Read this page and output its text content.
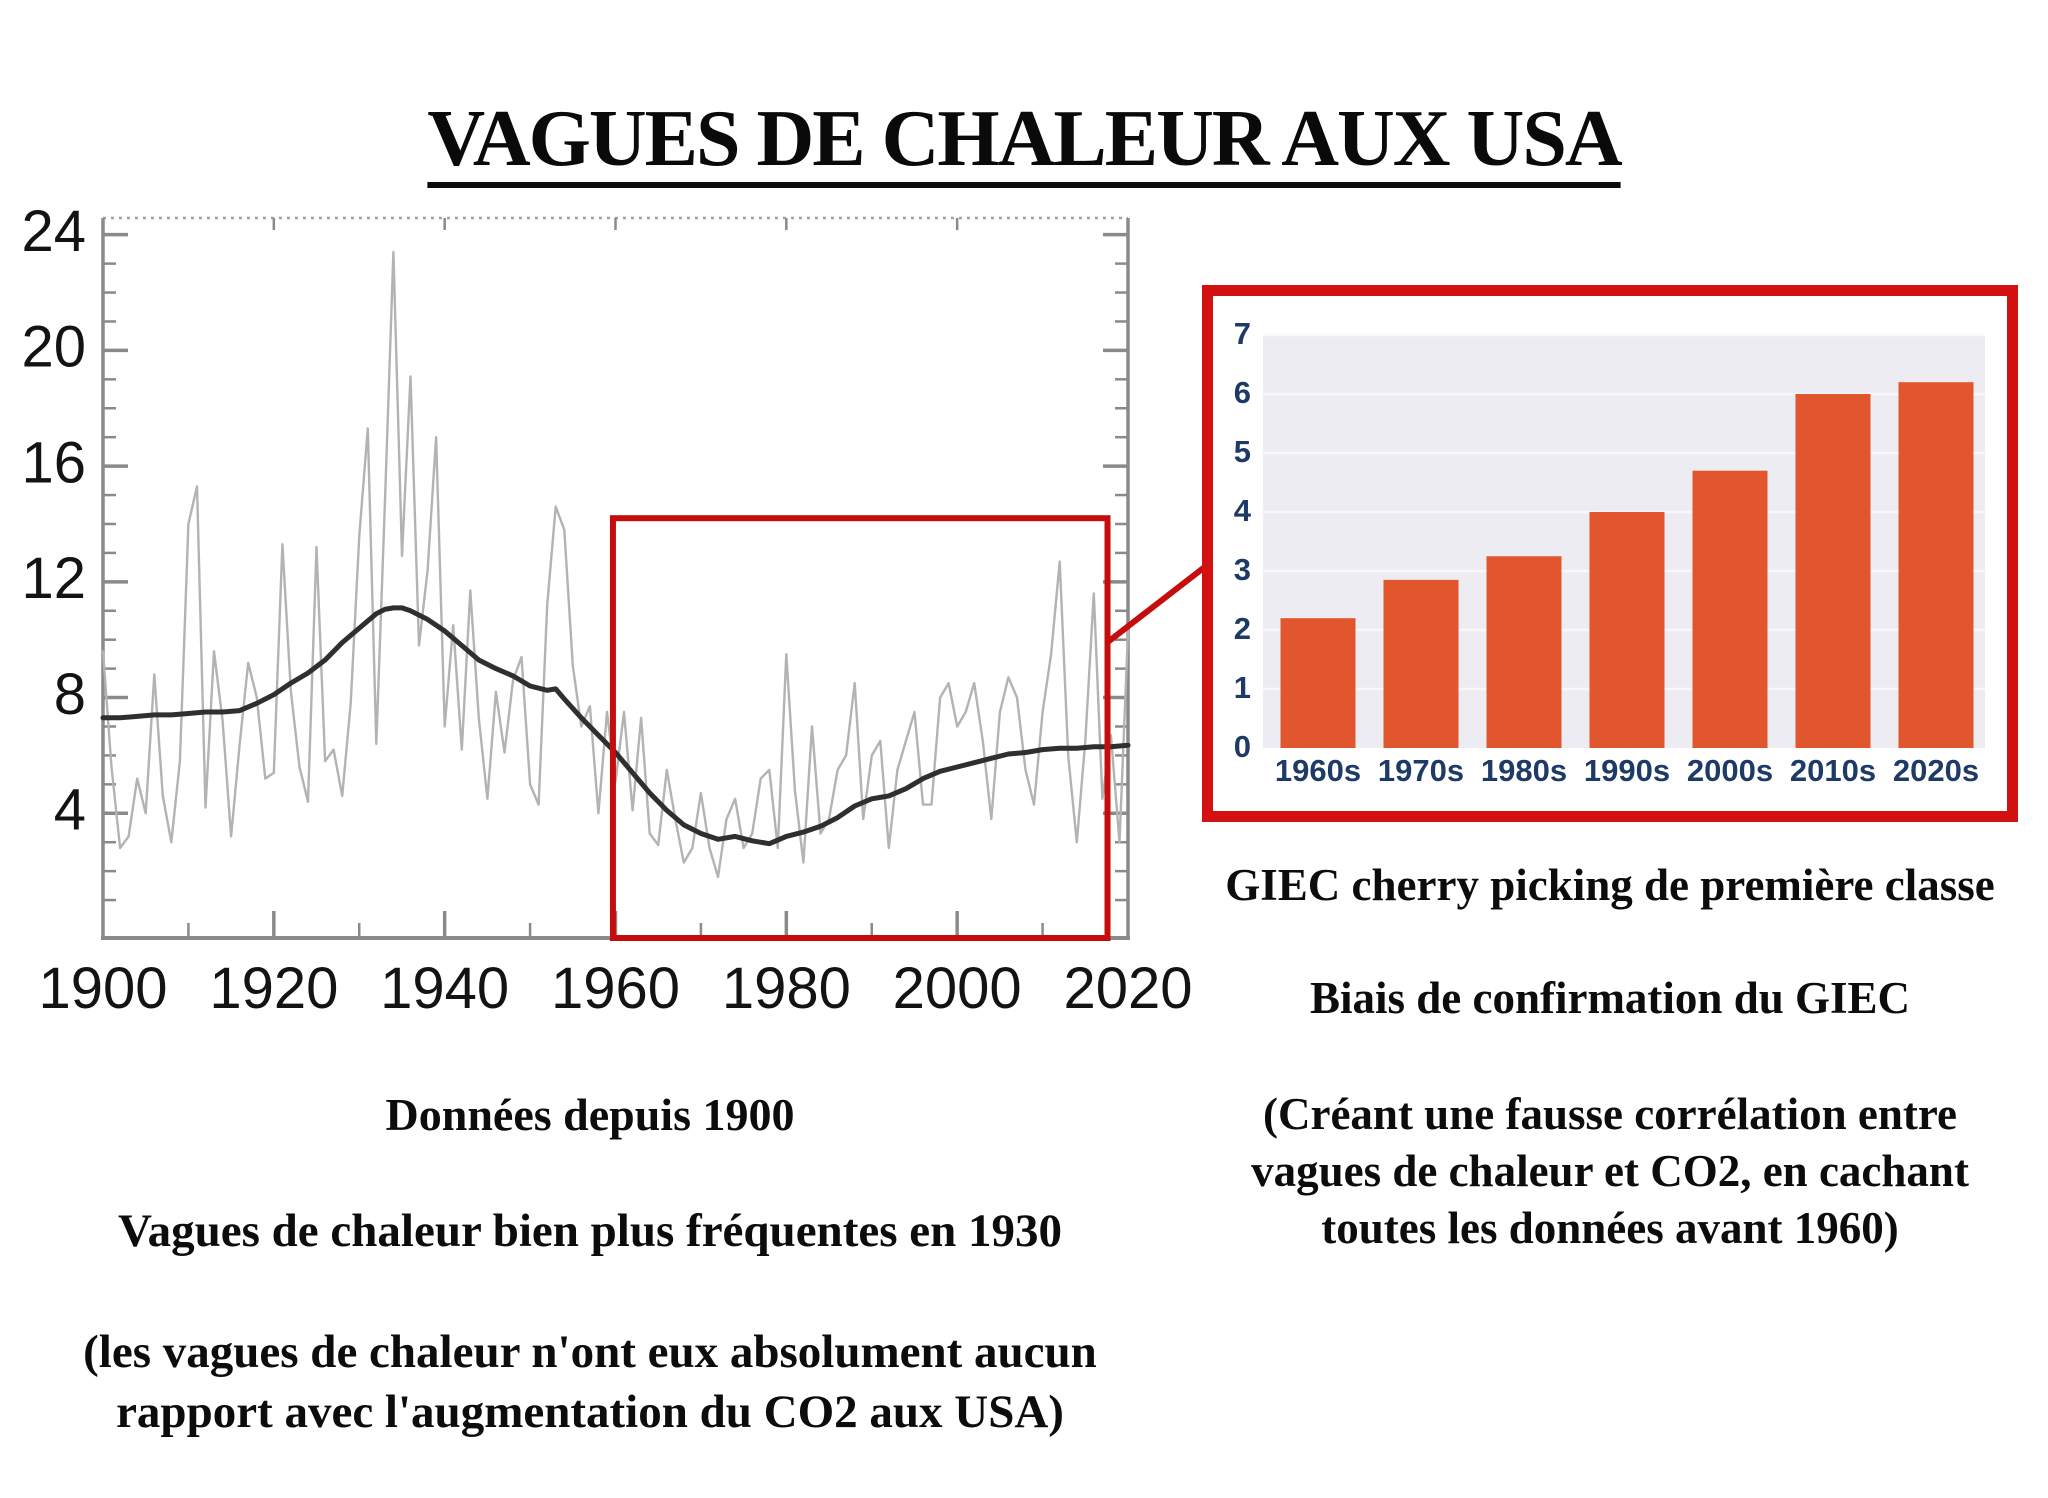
VAGUES DE CHALEUR AUX USA
4
8
12
16
20
24
1900 1920 1940 1960 1980 2000 2020
0
1
2
3
4
5
6
7
1960s 1970s 1980s 1990s 2000s 2010s 2020s
Données depuis 1900
Vagues de chaleur bien plus fréquentes en 1930
(les vagues de chaleur n'ont eux absolument aucun
rapport avec l'augmentation du CO2 aux USA)
GIEC cherry picking de première classe
Biais de confirmation du GIEC
(Créant une fausse corrélation entre
vagues de chaleur et CO2, en cachant
toutes les données avant 1960)
